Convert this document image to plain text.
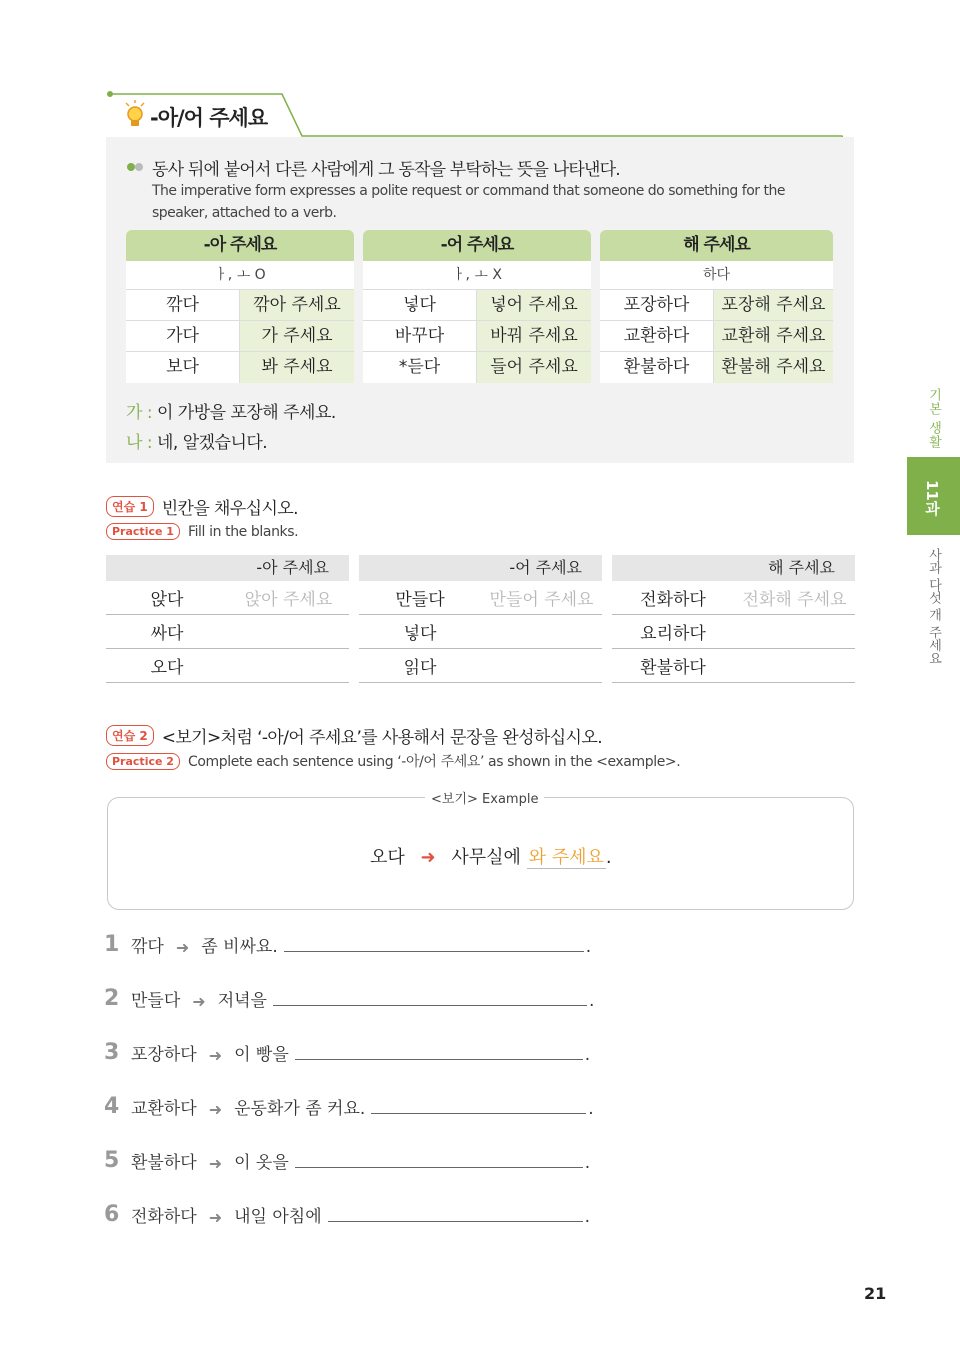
-아/어 주세요
동사 뒤에 붙어서 다른 사람에게 그 동작을 부탁하는 뜻을 나타낸다.
The imperative form expresses a polite request or command that someone do something for the speaker, attached to a verb.
-아 주세요
ㅏ, ㅗ O
깎다	깎아 주세요
가다	가 주세요
보다	봐 주세요
-어 주세요
ㅏ, ㅗ X
넣다	넣어 주세요
바꾸다	바꿔 주세요
*듣다	들어 주세요
해 주세요
하다
포장하다	포장해 주세요
교환하다	교환해 주세요
환불하다	환불해 주세요
가 : 이 가방을 포장해 주세요.
나 : 네, 알겠습니다.
연습 1 빈칸을 채우십시오.
Practice 1	Fill in the blanks.
-아 주세요
앉다	앉아 주세요
싸다
오다
-어 주세요
만들다	만들어 주세요
넣다
읽다
해 주세요
전화하다	전화해 주세요
요리하다
환불하다
연습 2 <보기>처럼 ‘-아/어 주세요’를 사용해서 문장을 완성하십시오.
Practice 2	Complete each sentence using ‘-아/어 주세요’ as shown in the <example>.
<보기> Example
오다 ➜ 사무실에 와 주세요 .
1 깎다 ➜ 좀 비싸요.	.
2 만들다 ➜ 저녁을	.
3 포장하다 ➜ 이 빵을	.
4 교환하다 ➜ 운동화가 좀 커요.	.
5 환불하다 ➜ 이 옷을	.
6 전화하다 ➜ 내일 아침에	.
기본 생활
11과
사과 다섯 개 주세요
21
